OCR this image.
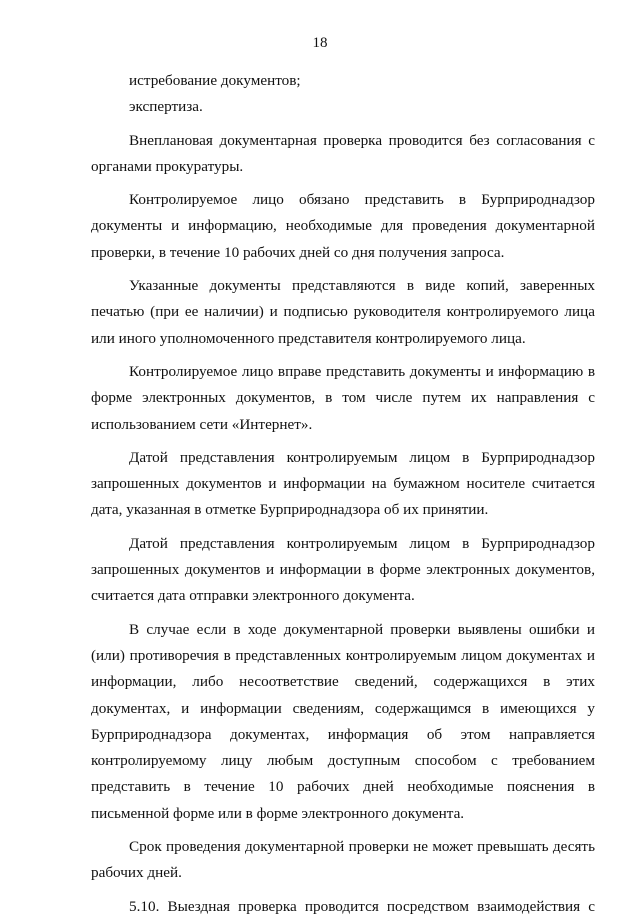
18

истребование документов;

экспертиза.

Внеплановая документарная проверка проводится без согласования с органами прокуратуры.

Контролируемое лицо обязано представить в Бурприроднадзор документы и информацию, необходимые для проведения документарной проверки, в течение 10 рабочих дней со дня получения запроса.

Указанные документы представляются в виде копий, заверенных печатью (при ее наличии) и подписью руководителя контролируемого лица или иного уполномоченного представителя контролируемого лица.

Контролируемое лицо вправе представить документы и информацию в форме электронных документов, в том числе путем их направления с использованием сети «Интернет».

Датой представления контролируемым лицом в Бурприроднадзор запрошенных документов и информации на бумажном носителе считается дата, указанная в отметке Бурприроднадзора об их принятии.

Датой представления контролируемым лицом в Бурприроднадзор запрошенных документов и информации в форме электронных документов, считается дата отправки электронного документа.

В случае если в ходе документарной проверки выявлены ошибки и (или) противоречия в представленных контролируемым лицом документах и информации, либо несоответствие сведений, содержащихся в этих документах, и информации сведениям, содержащимся в имеющихся у Бурприроднадзора документах, информация об этом направляется контролируемому лицу любым доступным способом с требованием представить в течение 10 рабочих дней необходимые пояснения в письменной форме или в форме электронного документа.

Срок проведения документарной проверки не может превышать десять рабочих дней.

5.10. Выездная проверка проводится посредством взаимодействия с
